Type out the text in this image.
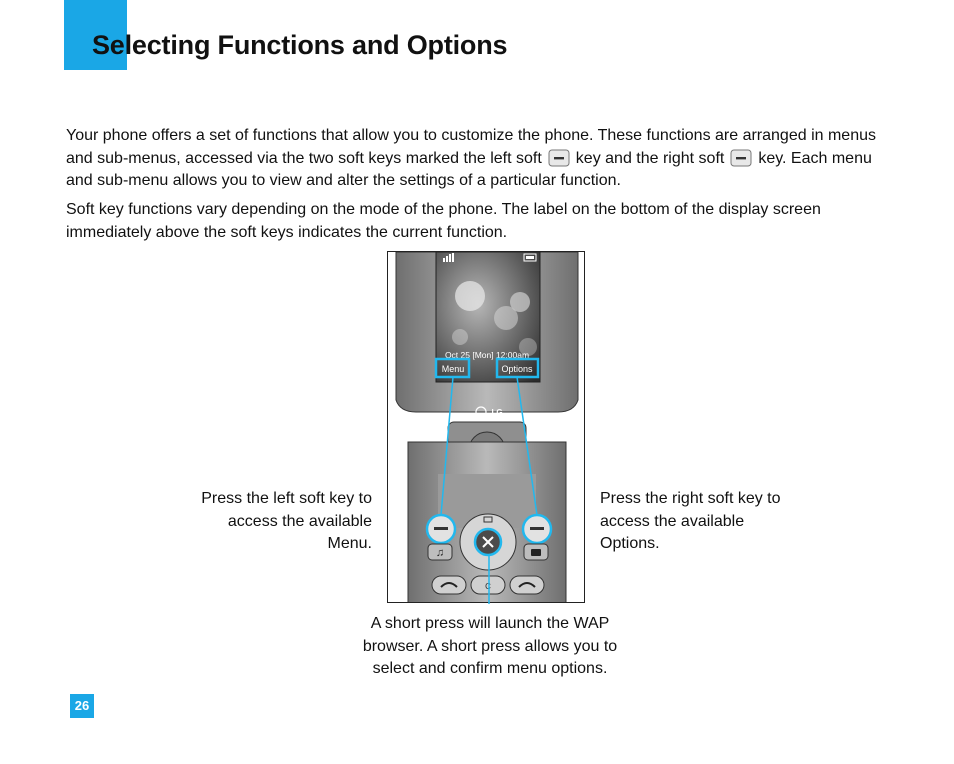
Selecting Functions and Options

Your phone offers a set of functions that allow you to customize the phone. These functions are arranged in menus and sub-menus, accessed via the two soft keys marked the left soft key and the right soft key. Each menu and sub-menu allows you to view and alter the settings of a particular function.

Soft key functions vary depending on the mode of the phone. The label on the bottom of the display screen immediately above the soft keys indicates the current function.

Oct 25 [Mon] 12:00am
Menu	Options
LG
♫
C

Press the left soft key to access the available Menu.

Press the right soft key to access the available Options.

A short press will launch the WAP browser. A short press allows you to select and confirm menu options.

26
